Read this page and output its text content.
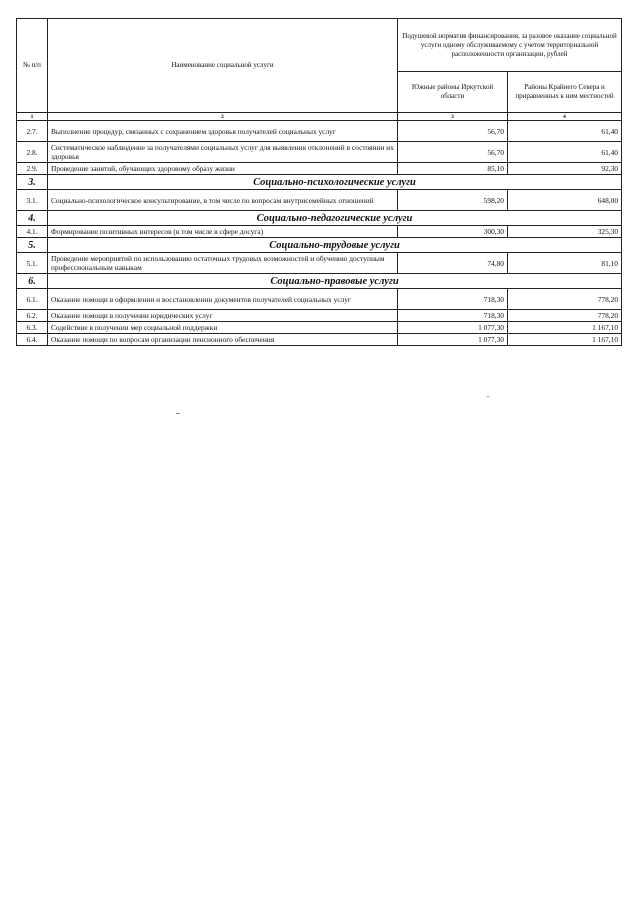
№ п/п	Наименование социальной услуги	Подушевой норматив финансирования, за разовое оказание социальной услуги одному обслуживаемому с учетом территориальной расположенности организации, рублей	
		Южные районы Иркутской области	Районы Крайнего Севера и приравненных к ним местностей
1	2	3	4
2.7.	Выполнение процедур, связанных с сохранением здоровья получателей социальных услуг	56,70	61,40
2.8.	Систематическое наблюдение за получателями социальных услуг для выявления отклонений в состоянии их здоровья	56,70	61,40
2.9.	Проведение занятий, обучающих здоровому образу жизни	85,10	92,30
3.	Социально-психологические услуги		
3.1.	Социально-психологическое консультирование, в том числе по вопросам внутрисемейных отношений	598,20	648,00
4.	Социально-педагогические услуги		
4.1.	Формирование позитивных интересов (в том числе в сфере досуга)	300,30	325,30
5.	Социально-трудовые услуги		
5.1.	Проведение мероприятий по использованию остаточных трудовых возможностей и обучению доступным профессиональным навыкам	74,80	81,10
6.	Социально-правовые услуги		
6.1.	Оказание помощи в оформлении и восстановлении документов получателей социальных услуг	718,30	778,20
6.2.	Оказание помощи в получении юридических услуг	718,30	778,20
6.3.	Содействие в получении мер социальной поддержки	1 077,30	1 167,10
6.4.	Оказание помощи по вопросам организации пенсионного обеспечения	1 077,30	1 167,10
